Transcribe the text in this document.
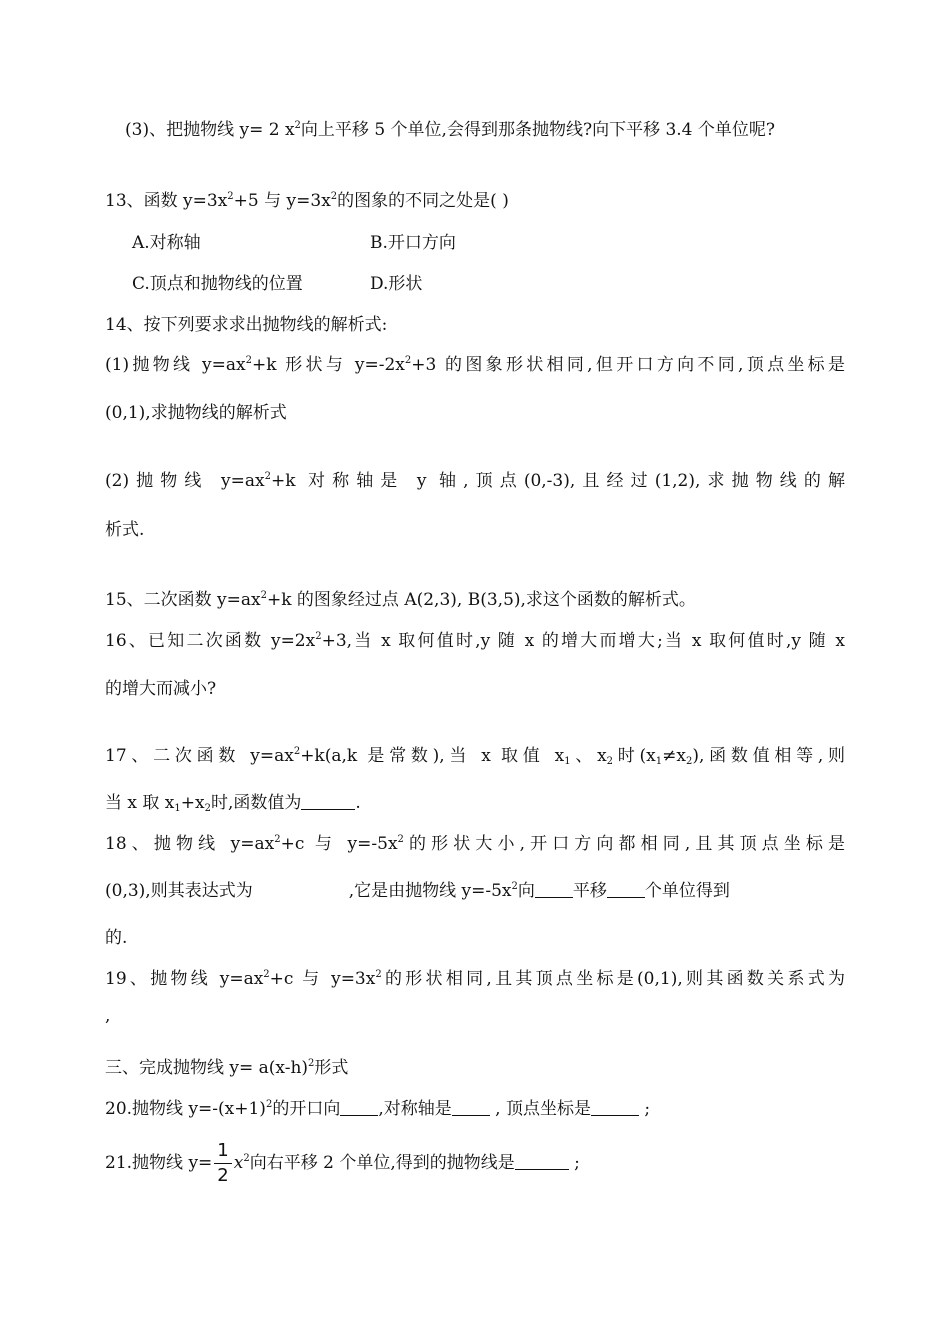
(3)、把抛物线 y= 2 $x^2$向上平移 5 个单位,会得到那条抛物线?向下平移 3.4 个单位呢?
13、函数 $y=3x^2+5$ 与 $y=3x^2$的图象的不同之处是( )
A.对称轴	B.开口方向
C.顶点和抛物线的位置	D.形状
14、按下列要求求出抛物线的解析式:
(1)抛物线 $y=ax^2+k$ 形状与 $y=-2x^2+3$ 的图象形状相同,但开口方向不同,顶点坐标是
(0,1),求抛物线的解析式
(2)抛物线 $y=ax^2+k$ 对称轴是 y 轴,顶点(0,-3),且经过(1,2),求抛物线的解
析式.
15、二次函数 $y=ax^2+k$ 的图象经过点 A(2,3), B(3,5),求这个函数的解析式。
16、已知二次函数 $y=2x^2+3$,当 x 取何值时,y 随 x 的增大而增大;当 x 取何值时,y 随 x
的增大而减小?
17、二次函数 $y=ax^2+k(a,k$ 是常数),当 x 取值 $x_1$、$x_2$时$(x_1\ne x_2)$,函数值相等,则
当 x 取 $x_1+x_2$时,函数值为	.
18、抛物线 $y=ax^2+c$ 与 $y=-5x^2$的形状大小,开口方向都相同,且其顶点坐标是
(0,3),则其表达式为	,它是由抛物线 $y=-5x^2$向 平移 个单位得到
的.
19、抛物线 $y=ax^2+c$ 与 $y=3x^2$的形状相同,且其顶点坐标是(0,1),则其函数关系式为
,
三、完成抛物线 $y= a(x-h)^2$形式
20.抛物线 $y=-(x+1)^2$的开口向 ,对称轴是 , 顶点坐标是	;
21.抛物线 $y= \frac{1}{2} x^2$向右平移 2 个单位,得到的抛物线是	;
